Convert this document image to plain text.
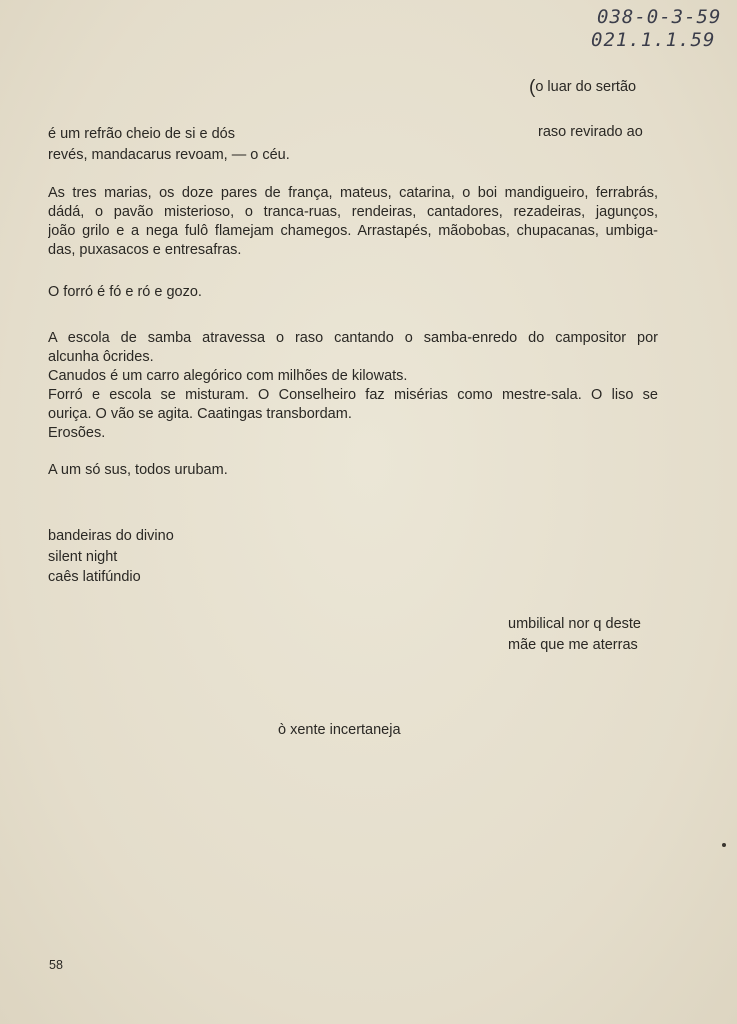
038-0-3-59
021.1.1.59
(o luar do sertão
é um refrão cheio de si e dós	raso revirado ao
revés, mandacarus revoam, — o céu.
As tres marias, os doze pares de frança, mateus, catarina, o boi mandigueiro, ferrabrás,
dádá, o pavão misterioso, o tranca-ruas, rendeiras, cantadores, rezadeiras, jagunços,
joão grilo e a nega fulô flamejam chamegos. Arrastapés, mãobobas, chupacanas, umbiga-
das, puxasacos e entresafras.
O forró é fó e ró e gozo.
A escola de samba atravessa o raso cantando o samba-enredo do campositor por
alcunha ôcrides.
Canudos é um carro alegórico com milhões de kilowats.
Forró e escola se misturam. O Conselheiro faz misérias como mestre-sala. O liso se
ouriça. O vão se agita. Caatingas transbordam.
Erosões.
A um só sus, todos urubam.
bandeiras do divino
silent night
caês latifúndio
umbilical nor q deste
mãe que me aterras
ò xente incertaneja
58
